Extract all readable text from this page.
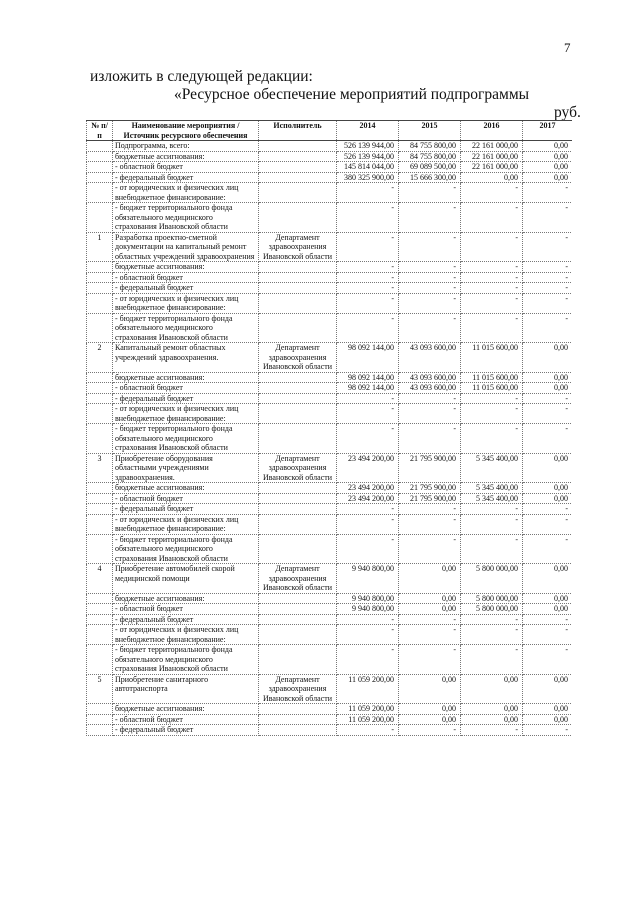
7
изложить в следующей редакции:
«Ресурсное обеспечение мероприятий подпрограммы
руб.
№ п/п	Наименование мероприятия / Источник ресурсного обеспечения	Исполнитель	2014	2015	2016	2017
	Подпрограмма, всего:		526 139 944,00	84 755 800,00	22 161 000,00	0,00
	бюджетные ассигнования:		526 139 944,00	84 755 800,00	22 161 000,00	0,00
	- областной бюджет		145 814 044,00	69 089 500,00	22 161 000,00	0,00
	- федеральный бюджет		380 325 900,00	15 666 300,00	0,00	0,00
	- от юридических и физических лиц внебюджетное финансирование:		-	-	-	-
	- бюджет территориального фонда обязательного медицинского страхования Ивановской области		-	-	-	-
1	Разработка проектно-сметной документации на капитальный ремонт областных учреждений здравоохранения	Департамент здравоохранения Ивановской области	-	-	-	-
	бюджетные ассигнования:		-	-	-	-
	- областной бюджет		-	-	-	-
	- федеральный бюджет		-	-	-	-
	- от юридических и физических лиц внебюджетное финансирование:		-	-	-	-
	- бюджет территориального фонда обязательного медицинского страхования Ивановской области		-	-	-	-
2	Капитальный ремонт областных учреждений здравоохранения.	Департамент здравоохранения Ивановской области	98 092 144,00	43 093 600,00	11 015 600,00	0,00
	бюджетные ассигнования:		98 092 144,00	43 093 600,00	11 015 600,00	0,00
	- областной бюджет		98 092 144,00	43 093 600,00	11 015 600,00	0,00
	- федеральный бюджет		-	-	-	-
	- от юридических и физических лиц внебюджетное финансирование:		-	-	-	-
	- бюджет территориального фонда обязательного медицинского страхования Ивановской области		-	-	-	-
3	Приобретение оборудования областными учреждениями здравоохранения.	Департамент здравоохранения Ивановской области	23 494 200,00	21 795 900,00	5 345 400,00	0,00
	бюджетные ассигнования:		23 494 200,00	21 795 900,00	5 345 400,00	0,00
	- областной бюджет		23 494 200,00	21 795 900,00	5 345 400,00	0,00
	- федеральный бюджет		-	-	-	-
	- от юридических и физических лиц внебюджетное финансирование:		-	-	-	-
	- бюджет территориального фонда обязательного медицинского страхования Ивановской области		-	-	-	-
4	Приобретение автомобилей скорой медицинской помощи	Департамент здравоохранения Ивановской области	9 940 800,00	0,00	5 800 000,00	0,00
	бюджетные ассигнования:		9 940 800,00	0,00	5 800 000,00	0,00
	- областной бюджет		9 940 800,00	0,00	5 800 000,00	0,00
	- федеральный бюджет		-	-	-	-
	- от юридических и физических лиц внебюджетное финансирование:		-	-	-	-
	- бюджет территориального фонда обязательного медицинского страхования Ивановской области		-	-	-	-
5	Приобретение санитарного автотранспорта	Департамент здравоохранения Ивановской области	11 059 200,00	0,00	0,00	0,00
	бюджетные ассигнования:		11 059 200,00	0,00	0,00	0,00
	- областной бюджет		11 059 200,00	0,00	0,00	0,00
	- федеральный бюджет		-	-	-	-
